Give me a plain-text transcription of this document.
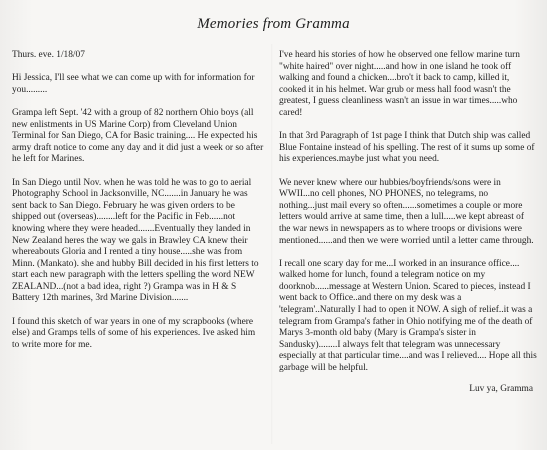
Memories from Gramma

Thurs. eve. 1/18/07

Hi Jessica, I'll see what we can come up with for information for you.........

Grampa left Sept. '42 with a group of 82 northern Ohio boys (all new enlistments in US Marine Corp) from Cleveland Union Terminal for San Diego, CA for Basic training.... He expected his army draft notice to come any day and it did just a week or so after he left for Marines.

In San Diego until Nov. when he was told he was to go to aerial Photography School in Jacksonville, NC.......in January he was sent back to San Diego. February he was given orders to be shipped out (overseas)........left for the Pacific in Feb......not knowing where they were headed.......Eventually they landed in New Zealand heres the way we gals in Brawley CA knew their whereabouts Gloria and I rented a tiny house.....she was from Minn. (Mankato). she and hubby Bill decided in his first letters to start each new paragraph with the letters spelling the word NEW ZEALAND...(not a bad idea, right ?) Grampa was in H & S Battery 12th marines, 3rd Marine Division.......

I found this sketch of war years in one of my scrapbooks (where else) and Gramps tells of some of his experiences. Ive asked him to write more for me.

I've heard his stories of how he observed one fellow marine turn "white haired" over night.....and how in one island he took off walking and found a chicken....bro't it back to camp, killed it, cooked it in his helmet. War grub or mess hall food wasn't the greatest, I guess cleanliness wasn't an issue in war times.....who cared!

In that 3rd Paragraph of 1st page I think that Dutch ship was called Blue Fontaine instead of his spelling. The rest of it sums up some of his experiences.maybe just what you need.

We never knew where our hubbies/boyfriends/sons were in WWII...no cell phones, NO PHONES, no telegrams, no nothing...just mail every so often......sometimes a couple or more letters would arrive at same time, then a lull.....we kept abreast of the war news in newspapers as to where troops or divisions were mentioned......and then we were worried until a letter came through.

I recall one scary day for me...I worked in an insurance office.... walked home for lunch, found a telegram notice on my doorknob......message at Western Union. Scared to pieces, instead I went back to Office..and there on my desk was a 'telegram'..Naturally I had to open it NOW. A sigh of relief..it was a telegram from Grampa's father in Ohio notifying me of the death of Marys 3-month old baby (Mary is Grampa's sister in Sandusky)........I always felt that telegram was unnecessary especially at that particular time....and was I relieved.... Hope all this garbage will be helpful.

Luv ya, Gramma
